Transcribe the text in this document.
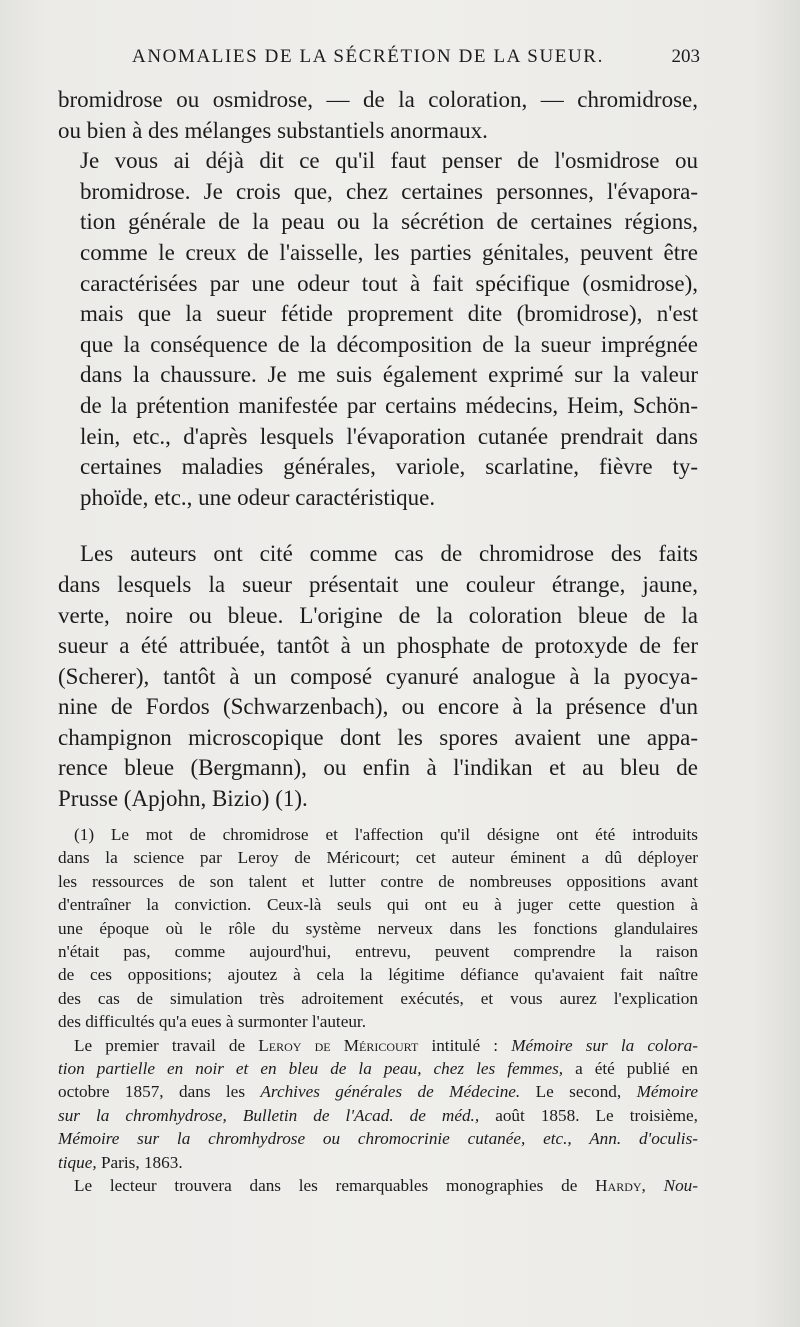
ANOMALIES DE LA SÉCRÉTION DE LA SUEUR.	203

bromidrose ou osmidrose, — de la coloration, — chromidrose,
ou bien à des mélanges substantiels anormaux.

Je vous ai déjà dit ce qu'il faut penser de l'osmidrose ou
bromidrose. Je crois que, chez certaines personnes, l'évapora-
tion générale de la peau ou la sécrétion de certaines régions,
comme le creux de l'aisselle, les parties génitales, peuvent être
caractérisées par une odeur tout à fait spécifique (osmidrose),
mais que la sueur fétide proprement dite (bromidrose), n'est
que la conséquence de la décomposition de la sueur imprégnée
dans la chaussure. Je me suis également exprimé sur la valeur
de la prétention manifestée par certains médecins, Heim, Schön-
lein, etc., d'après lesquels l'évaporation cutanée prendrait dans
certaines maladies générales, variole, scarlatine, fièvre ty-
phoïde, etc., une odeur caractéristique.

Les auteurs ont cité comme cas de chromidrose des faits
dans lesquels la sueur présentait une couleur étrange, jaune,
verte, noire ou bleue. L'origine de la coloration bleue de la
sueur a été attribuée, tantôt à un phosphate de protoxyde de fer
(Scherer), tantôt à un composé cyanuré analogue à la pyocya-
nine de Fordos (Schwarzenbach), ou encore à la présence d'un
champignon microscopique dont les spores avaient une appa-
rence bleue (Bergmann), ou enfin à l'indikan et au bleu de
Prusse (Apjohn, Bizio) (1).

(1) Le mot de chromidrose et l'affection qu'il désigne ont été introduits
dans la science par Leroy de Méricourt; cet auteur éminent a dû déployer
les ressources de son talent et lutter contre de nombreuses oppositions avant
d'entraîner la conviction. Ceux-là seuls qui ont eu à juger cette question à
une époque où le rôle du système nerveux dans les fonctions glandulaires
n'était pas, comme aujourd'hui, entrevu, peuvent comprendre la raison
de ces oppositions; ajoutez à cela la légitime défiance qu'avaient fait naître
des cas de simulation très adroitement exécutés, et vous aurez l'explication
des difficultés qu'a eues à surmonter l'auteur.
Le premier travail de Leroy de Méricourt intitulé : Mémoire sur la colora-
tion partielle en noir et en bleu de la peau, chez les femmes, a été publié en
octobre 1857, dans les Archives générales de Médecine. Le second, Mémoire
sur la chromhydrose, Bulletin de l'Acad. de méd., août 1858. Le troisième,
Mémoire sur la chromhydrose ou chromocrinie cutanée, etc., Ann. d'oculis-
tique, Paris, 1863.
Le lecteur trouvera dans les remarquables monographies de Hardy, Nou-
